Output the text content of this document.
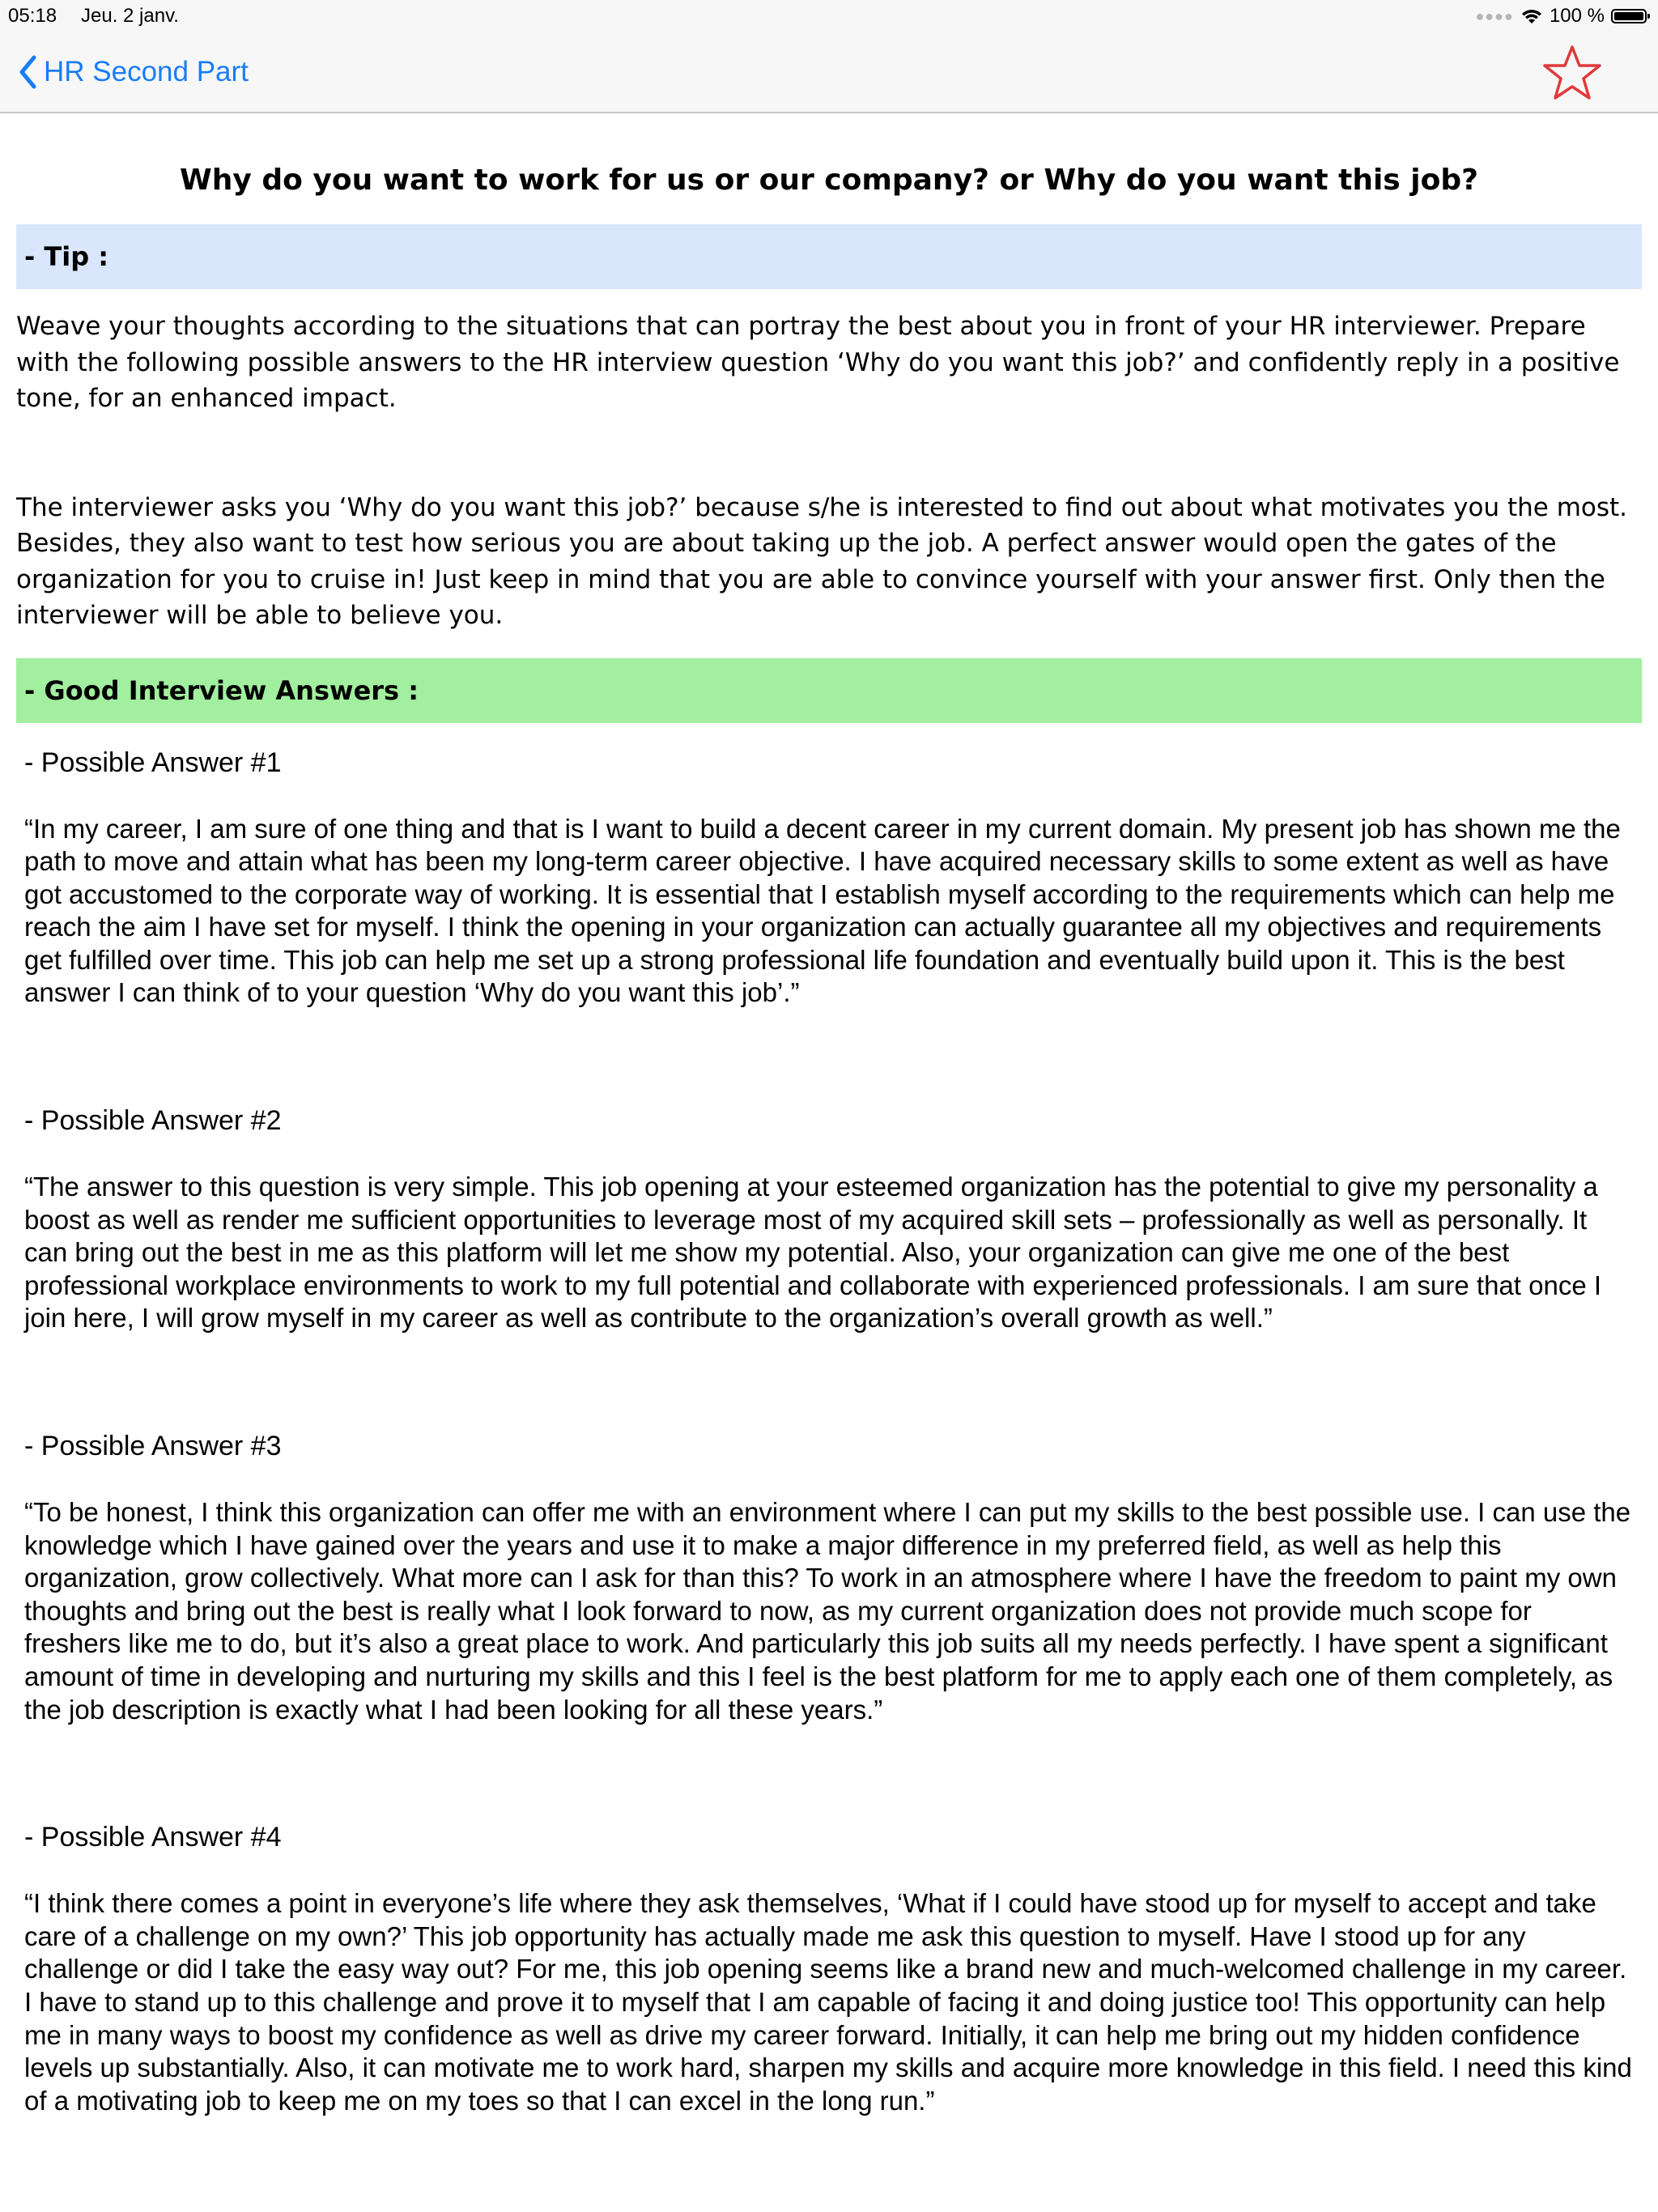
05:18 Jeu. 2 janv.	●●●● 100 %
HR Second Part
Why do you want to work for us or our company? or Why do you want this job?
- Tip :

Weave your thoughts according to the situations that can portray the best about you in front of your HR interviewer. Prepare with the following possible answers to the HR interview question ‘Why do you want this job?’ and confidently reply in a positive tone, for an enhanced impact.

The interviewer asks you ‘Why do you want this job?’ because s/he is interested to find out about what motivates you the most. Besides, they also want to test how serious you are about taking up the job. A perfect answer would open the gates of the organization for you to cruise in! Just keep in mind that you are able to convince yourself with your answer first. Only then the interviewer will be able to believe you.

- Good Interview Answers :

- Possible Answer #1

“In my career, I am sure of one thing and that is I want to build a decent career in my current domain. My present job has shown me the path to move and attain what has been my long-term career objective. I have acquired necessary skills to some extent as well as have got accustomed to the corporate way of working. It is essential that I establish myself according to the requirements which can help me reach the aim I have set for myself. I think the opening in your organization can actually guarantee all my objectives and requirements get fulfilled over time. This job can help me set up a strong professional life foundation and eventually build upon it. This is the best answer I can think of to your question ‘Why do you want this job’.”

- Possible Answer #2

“The answer to this question is very simple. This job opening at your esteemed organization has the potential to give my personality a boost as well as render me sufficient opportunities to leverage most of my acquired skill sets – professionally as well as personally. It can bring out the best in me as this platform will let me show my potential. Also, your organization can give me one of the best professional workplace environments to work to my full potential and collaborate with experienced professionals. I am sure that once I join here, I will grow myself in my career as well as contribute to the organization’s overall growth as well.”

- Possible Answer #3

“To be honest, I think this organization can offer me with an environment where I can put my skills to the best possible use. I can use the knowledge which I have gained over the years and use it to make a major difference in my preferred field, as well as help this organization, grow collectively. What more can I ask for than this? To work in an atmosphere where I have the freedom to paint my own thoughts and bring out the best is really what I look forward to now, as my current organization does not provide much scope for freshers like me to do, but it’s also a great place to work. And particularly this job suits all my needs perfectly. I have spent a significant amount of time in developing and nurturing my skills and this I feel is the best platform for me to apply each one of them completely, as the job description is exactly what I had been looking for all these years.”

- Possible Answer #4

“I think there comes a point in everyone’s life where they ask themselves, ‘What if I could have stood up for myself to accept and take care of a challenge on my own?’ This job opportunity has actually made me ask this question to myself. Have I stood up for any challenge or did I take the easy way out? For me, this job opening seems like a brand new and much-welcomed challenge in my career. I have to stand up to this challenge and prove it to myself that I am capable of facing it and doing justice too! This opportunity can help me in many ways to boost my confidence as well as drive my career forward. Initially, it can help me bring out my hidden confidence levels up substantially. Also, it can motivate me to work hard, sharpen my skills and acquire more knowledge in this field. I need this kind of a motivating job to keep me on my toes so that I can excel in the long run.”
